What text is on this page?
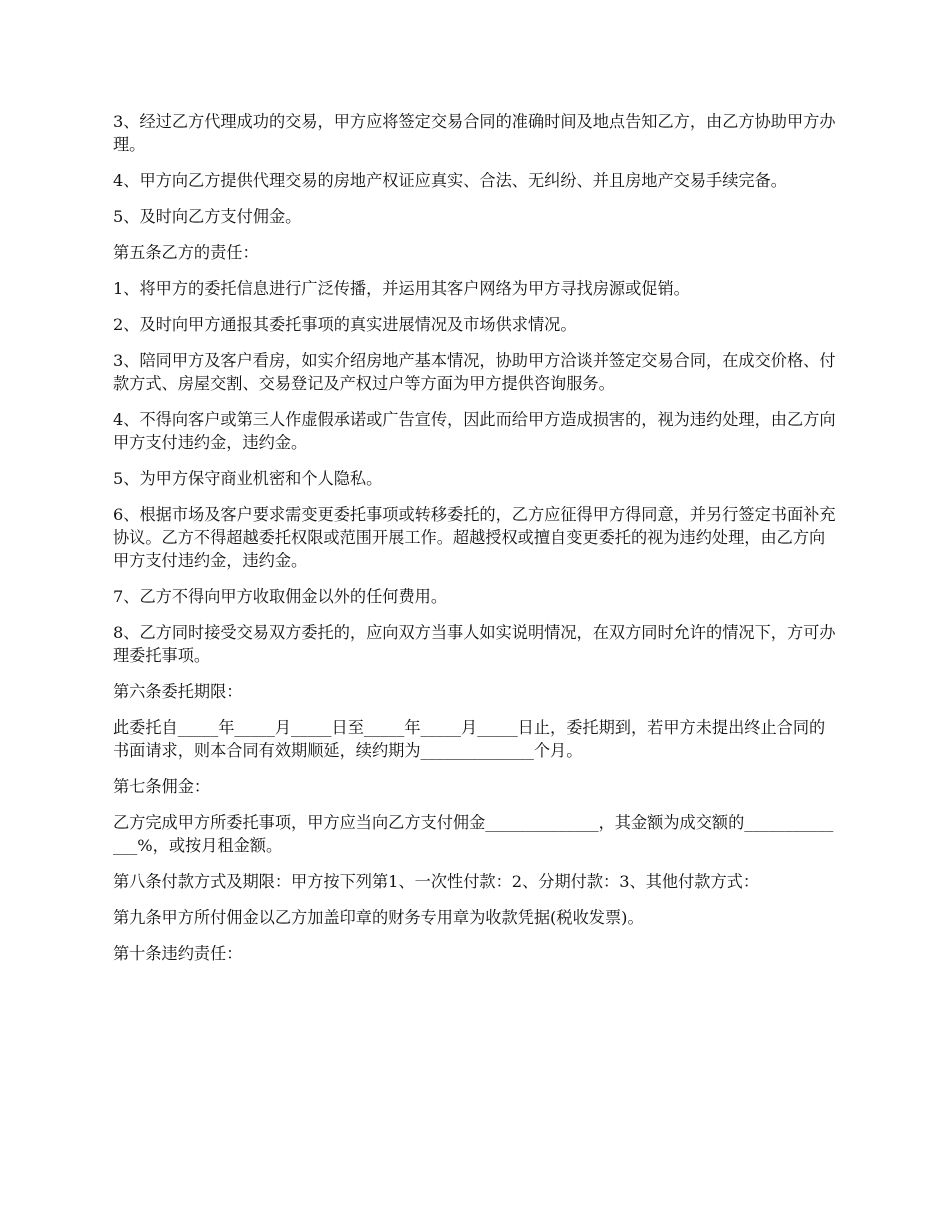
3、经过乙方代理成功的交易，甲方应将签定交易合同的准确时间及地点告知乙方，由乙方协助甲方办理。

4、甲方向乙方提供代理交易的房地产权证应真实、合法、无纠纷、并且房地产交易手续完备。

5、及时向乙方支付佣金。

第五条乙方的责任：

1、将甲方的委托信息进行广泛传播，并运用其客户网络为甲方寻找房源或促销。

2、及时向甲方通报其委托事项的真实进展情况及市场供求情况。

3、陪同甲方及客户看房，如实介绍房地产基本情况，协助甲方洽谈并签定交易合同，在成交价格、付款方式、房屋交割、交易登记及产权过户等方面为甲方提供咨询服务。

4、不得向客户或第三人作虚假承诺或广告宣传，因此而给甲方造成损害的，视为违约处理，由乙方向甲方支付违约金，违约金。

5、为甲方保守商业机密和个人隐私。

6、根据市场及客户要求需变更委托事项或转移委托的，乙方应征得甲方得同意，并另行签定书面补充协议。乙方不得超越委托权限或范围开展工作。超越授权或擅自变更委托的视为违约处理，由乙方向甲方支付违约金，违约金。

7、乙方不得向甲方收取佣金以外的任何费用。

8、乙方同时接受交易双方委托的，应向双方当事人如实说明情况，在双方同时允许的情况下，方可办理委托事项。

第六条委托期限：

此委托自_____年_____月_____日至_____年_____月_____日止，委托期到，若甲方未提出终止合同的书面请求，则本合同有效期顺延，续约期为______________个月。

第七条佣金：

乙方完成甲方所委托事项，甲方应当向乙方支付佣金______________，其金额为成交额的______________%，或按月租金额。

第八条付款方式及期限：甲方按下列第1、一次性付款：2、分期付款：3、其他付款方式：

第九条甲方所付佣金以乙方加盖印章的财务专用章为收款凭据(税收发票)。

第十条违约责任：
